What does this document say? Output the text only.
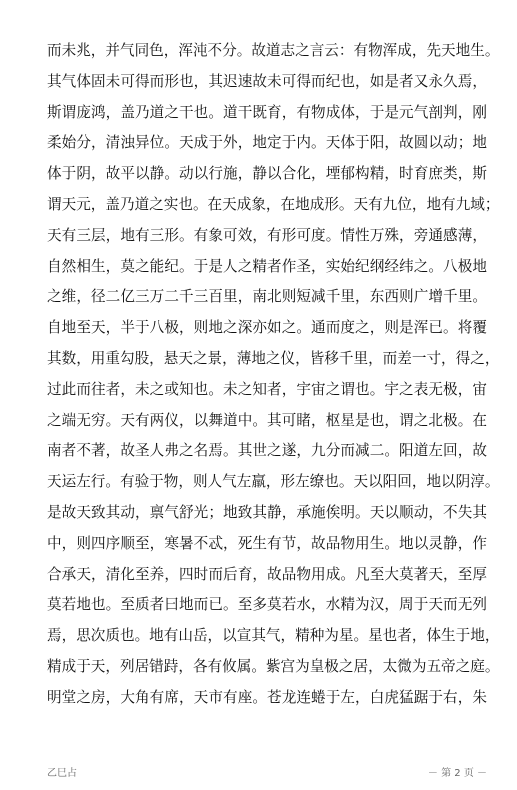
而未兆，并气同色，浑沌不分。故道志之言云：有物浑成，先天地生。
其气体固未可得而形也，其迟速故未可得而纪也，如是者又永久焉，
斯谓庞鸿，盖乃道之干也。道干既育，有物成体，于是元气剖判，刚
柔始分，清浊异位。天成于外，地定于内。天体于阳，故圆以动；地
体于阴，故平以静。动以行施，静以合化，堙郁构精，时育庶类，斯
谓天元，盖乃道之实也。在天成象，在地成形。天有九位，地有九域；
天有三层，地有三形。有象可效，有形可度。情性万殊，旁通感薄，
自然相生，莫之能纪。于是人之精者作圣，实始纪纲经纬之。八极地
之维，径二亿三万二千三百里，南北则短减千里，东西则广增千里。
自地至天，半于八极，则地之深亦如之。通而度之，则是浑已。将覆
其数，用重勾股，悬天之景，薄地之仪，皆移千里，而差一寸，得之，
过此而往者，未之或知也。未之知者，宇宙之谓也。宇之表无极，宙
之端无穷。天有两仪，以舞道中。其可睹，枢星是也，谓之北极。在
南者不著，故圣人弗之名焉。其世之遂，九分而减二。阳道左回，故
天运左行。有验于物，则人气左羸，形左缭也。天以阳回，地以阴淳。
是故天致其动，禀气舒光；地致其静，承施俟明。天以顺动，不失其
中，则四序顺至，寒暑不忒，死生有节，故品物用生。地以灵静，作
合承天，清化至养，四时而后育，故品物用成。凡至大莫著天，至厚
莫若地也。至质者曰地而已。至多莫若水，水精为汉，周于天而无列
焉，思次质也。地有山岳，以宣其气，精种为星。星也者，体生于地，
精成于天，列居错跱，各有攸属。紫宫为皇极之居，太微为五帝之庭。
明堂之房，大角有席，天市有座。苍龙连蜷于左，白虎猛踞于右，朱
乙巳占	－ 第 2 页 －
